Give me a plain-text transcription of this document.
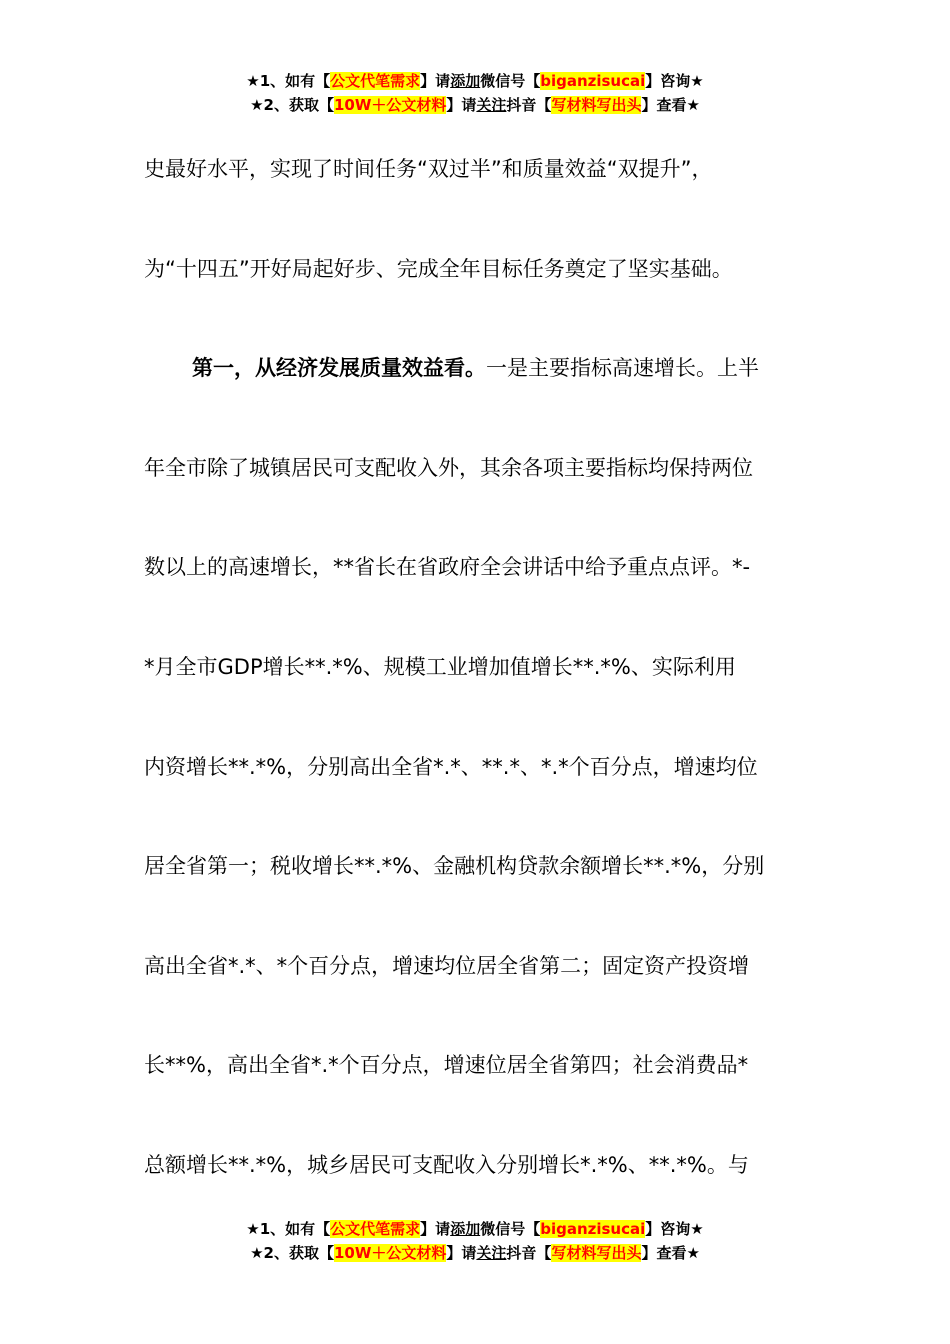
★1、如有【公文代笔需求】请添加微信号【biganzisucai】咨询★
★2、获取【10W＋公文材料】请关注抖音【写材料写出头】查看★
史最好水平，实现了时间任务“双过半”和质量效益“双提升”，
为“十四五”开好局起好步、完成全年目标任务奠定了坚实基础。
第一，从经济发展质量效益看。一是主要指标高速增长。上半
年全市除了城镇居民可支配收入外，其余各项主要指标均保持两位
数以上的高速增长，**省长在省政府全会讲话中给予重点点评。*-
*月全市GDP增长**.*%、规模工业增加值增长**.*%、实际利用
内资增长**.*%，分别高出全省*.*、**.*、*.*个百分点，增速均位
居全省第一；税收增长**.*%、金融机构贷款余额增长**.*%，分别
高出全省*.*、*个百分点，增速均位居全省第二；固定资产投资增
长**%，高出全省*.*个百分点，增速位居全省第四；社会消费品*
总额增长**.*%，城乡居民可支配收入分别增长*.*%、**.*%。与
★1、如有【公文代笔需求】请添加微信号【biganzisucai】咨询★
★2、获取【10W＋公文材料】请关注抖音【写材料写出头】查看★
